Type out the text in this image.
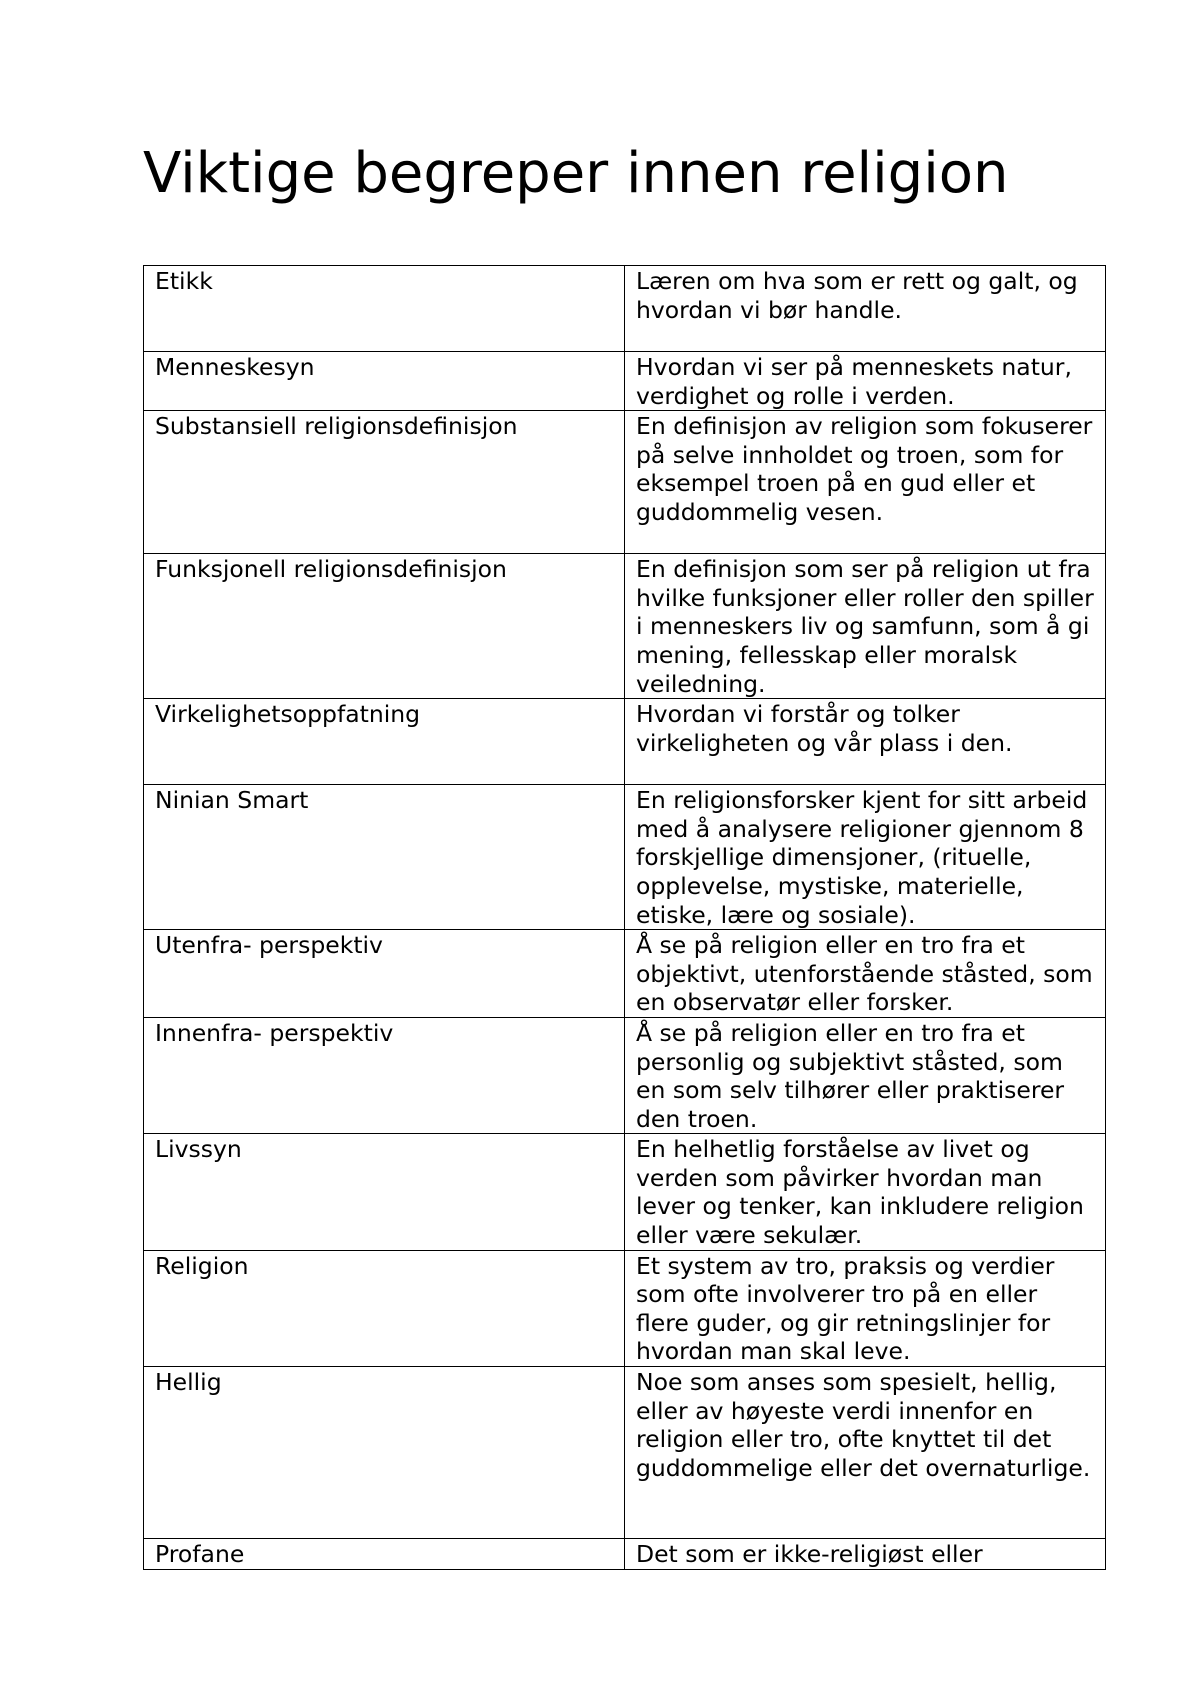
Viktige begreper innen religion
Etikk	Læren om hva som er rett og galt, og hvordan vi bør handle.
Menneskesyn	Hvordan vi ser på menneskets natur, verdighet og rolle i verden.
Substansiell religionsdefinisjon	En definisjon av religion som fokuserer på selve innholdet og troen, som for eksempel troen på en gud eller et guddommelig vesen.
Funksjonell religionsdefinisjon	En definisjon som ser på religion ut fra hvilke funksjoner eller roller den spiller i menneskers liv og samfunn, som å gi mening, fellesskap eller moralsk veiledning.
Virkelighetsoppfatning	Hvordan vi forstår og tolker virkeligheten og vår plass i den.
Ninian Smart	En religionsforsker kjent for sitt arbeid med å analysere religioner gjennom 8 forskjellige dimensjoner, (rituelle, opplevelse, mystiske, materielle, etiske, lære og sosiale).
Utenfra- perspektiv	Å se på religion eller en tro fra et objektivt, utenforstående ståsted, som en observatør eller forsker.
Innenfra- perspektiv	Å se på religion eller en tro fra et personlig og subjektivt ståsted, som en som selv tilhører eller praktiserer den troen.
Livssyn	En helhetlig forståelse av livet og verden som påvirker hvordan man lever og tenker, kan inkludere religion eller være sekulær.
Religion	Et system av tro, praksis og verdier som ofte involverer tro på en eller flere guder, og gir retningslinjer for hvordan man skal leve.
Hellig	Noe som anses som spesielt, hellig, eller av høyeste verdi innenfor en religion eller tro, ofte knyttet til det guddommelige eller det overnaturlige.
Profane	Det som er ikke-religiøst eller
